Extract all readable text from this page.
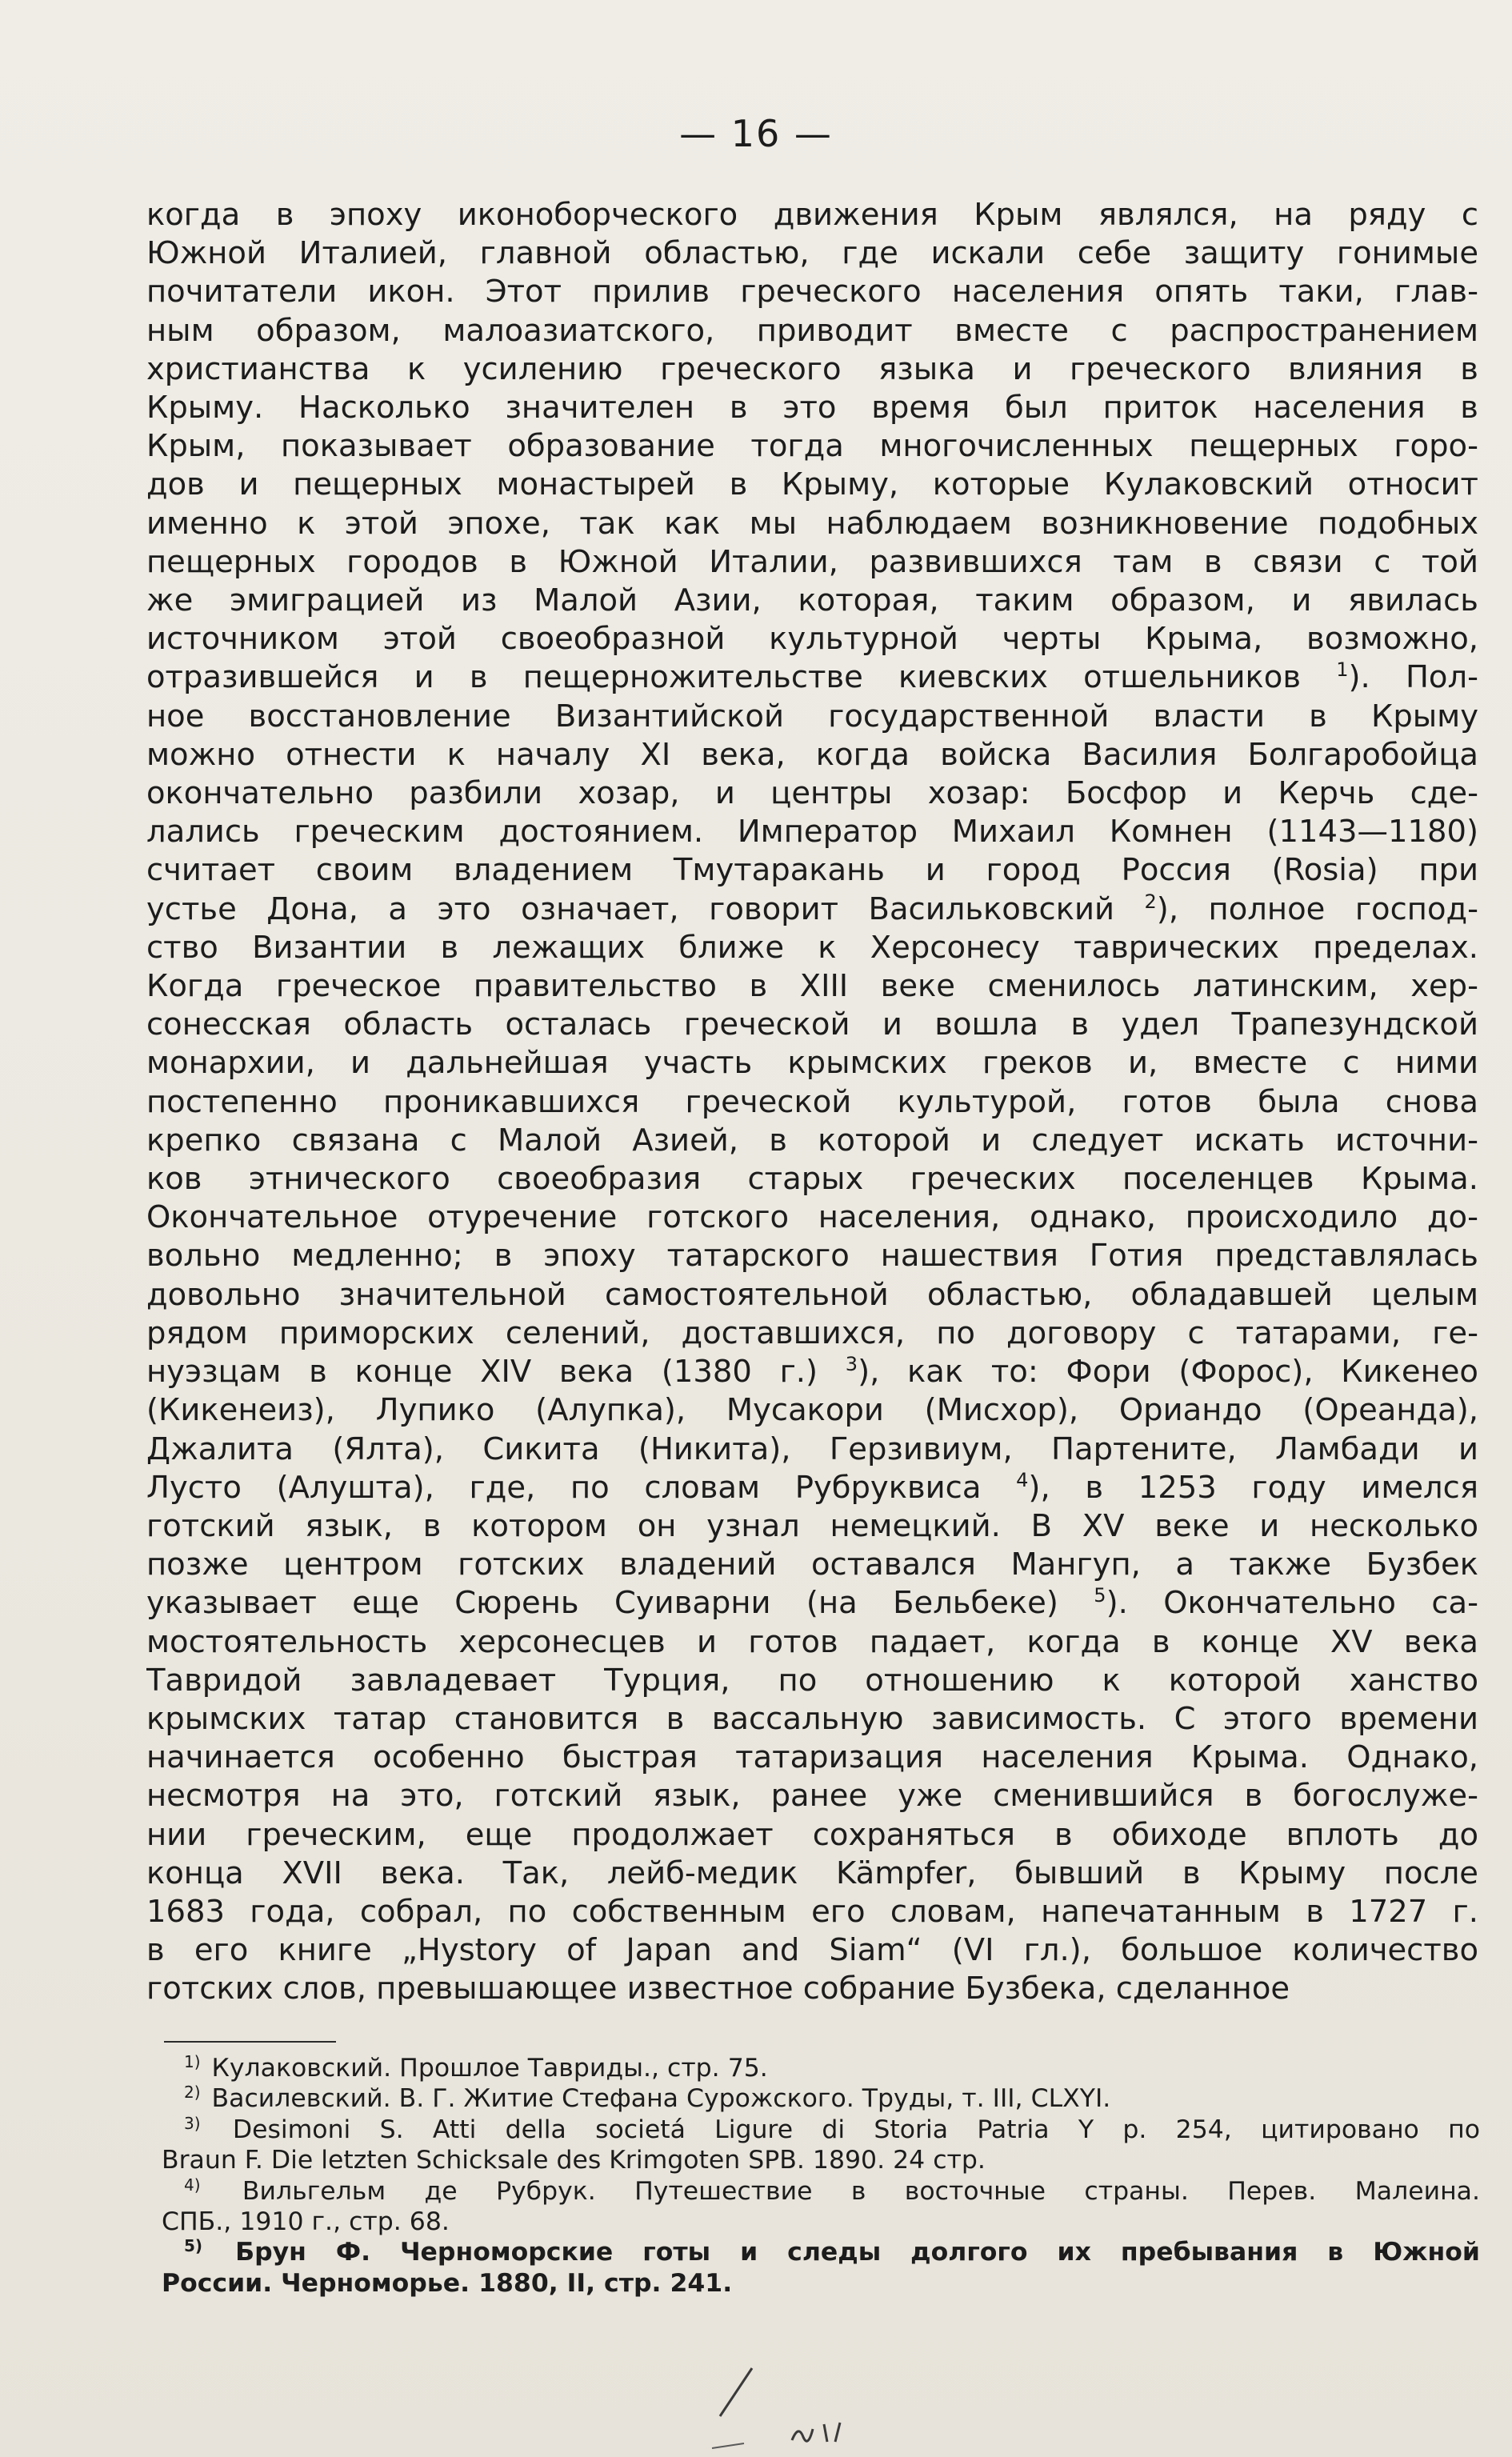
— 16 —
когда в эпоху иконоборческого движения Крым являлся, на ряду с
Южной Италией, главной областью, где искали себе защиту гонимые
почитатели икон. Этот прилив греческого населения опять таки, глав-
ным образом, малоазиатского, приводит вместе с распространением
христианства к усилению греческого языка и греческого влияния в
Крыму. Насколько значителен в это время был приток населения в
Крым, показывает образование тогда многочисленных пещерных горо-
дов и пещерных монастырей в Крыму, которые Кулаковский относит
именно к этой эпохе, так как мы наблюдаем возникновение подобных
пещерных городов в Южной Италии, развившихся там в связи с той
же эмиграцией из Малой Азии, которая, таким образом, и явилась
источником этой своеобразной культурной черты Крыма, возможно,
отразившейся и в пещерножительстве киевских отшельников $^1$). Пол-
ное восстановление Византийской государственной власти в Крыму
можно отнести к началу XI века, когда войска Василия Болгаробойца
окончательно разбили хозар, и центры хозар: Босфор и Керчь сде-
лались греческим достоянием. Император Михаил Комнен (1143—1180)
считает своим владением Тмутаракань и город Россия (Rosia) при
устье Дона, а это означает, говорит Васильковский $^2$), полное господ-
ство Византии в лежащих ближе к Херсонесу таврических пределах.
Когда греческое правительство в XIII веке сменилось латинским, хер-
сонесская область осталась греческой и вошла в удел Трапезундской
монархии, и дальнейшая участь крымских греков и, вместе с ними
постепенно проникавшихся греческой культурой, готов была снова
крепко связана с Малой Азией, в которой и следует искать источни-
ков этнического своеобразия старых греческих поселенцев Крыма.
Окончательное отуречение готского населения, однако, происходило до-
вольно медленно; в эпоху татарского нашествия Готия представлялась
довольно значительной самостоятельной областью, обладавшей целым
рядом приморских селений, доставшихся, по договору с татарами, ге-
нуэзцам в конце XIV века (1380 г.) $^3$), как то: Фори (Форос), Кикенео
(Кикенеиз), Лупико (Алупка), Мусакори (Мисхор), Ориандо (Ореанда),
Джалита (Ялта), Сикита (Никита), Герзивиум, Партените, Ламбади и
Лусто (Алушта), где, по словам Рубруквиса $^4$), в 1253 году имелся
готский язык, в котором он узнал немецкий. В XV веке и несколько
позже центром готских владений оставался Мангуп, а также Бузбек
указывает еще Сюрень Суиварни (на Бельбеке) $^5$). Окончательно са-
мостоятельность херсонесцев и готов падает, когда в конце XV века
Тавридой завладевает Турция, по отношению к которой ханство
крымских татар становится в вассальную зависимость. С этого времени
начинается особенно быстрая татаризация населения Крыма. Однако,
несмотря на это, готский язык, ранее уже сменившийся в богослуже-
нии греческим, еще продолжает сохраняться в обиходе вплоть до
конца XVII века. Так, лейб-медик Kämpfer, бывший в Крыму после
1683 года, собрал, по собственным его словам, напечатанным в 1727 г.
в его книге „Hystory of Japan and Siam“ (VI гл.), большое количество
готских слов, превышающее известное собрание Бузбека, сделанное
$^{1)}$ Кулаковский. Прошлое Тавриды., стр. 75.
$^{2)}$ Василевский. В. Г. Житие Стефана Сурожского. Труды, т. III, CLXYI.
$^{3)}$ Desimoni S. Atti della societá Ligure di Storia Patria Y p. 254, цитировано по
Braun F. Die letzten Schicksale des Krimgoten SPB. 1890. 24 стр.
$^{4)}$ Вильгельм де Рубрук. Путешествие в восточные страны. Перев. Малеина.
СПБ., 1910 г., стр. 68.
$^{5)}$ Брун Ф. Черноморские готы и следы долгого их пребывания в Южной
России. Черноморье. 1880, II, стр. 241.
